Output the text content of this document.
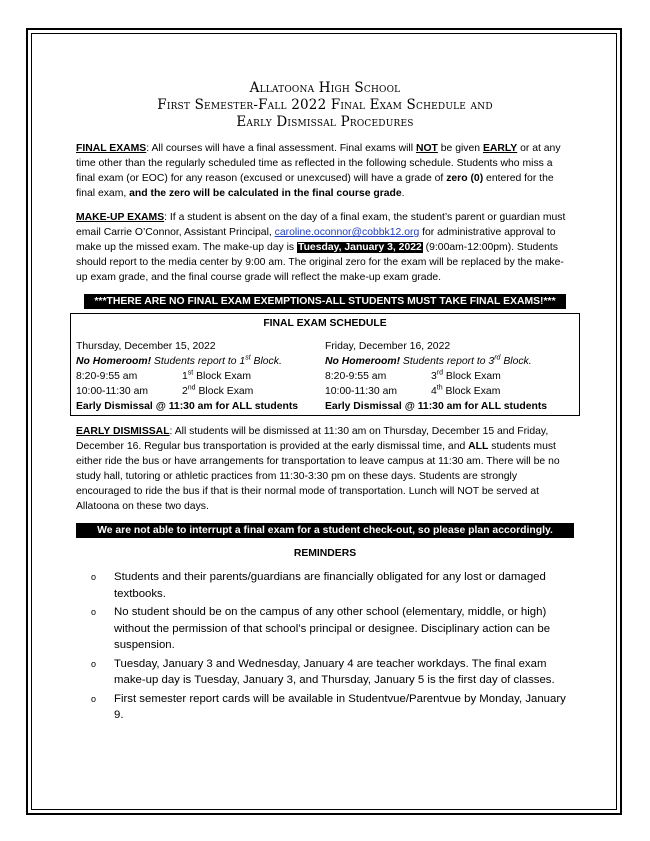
Allatoona High School
First Semester-Fall 2022 Final Exam Schedule and
Early Dismissal Procedures

FINAL EXAMS: All courses will have a final assessment. Final exams will NOT be given EARLY or at any time other than the regularly scheduled time as reflected in the following schedule. Students who miss a final exam (or EOC) for any reason (excused or unexcused) will have a grade of zero (0) entered for the final exam, and the zero will be calculated in the final course grade.

MAKE-UP EXAMS: If a student is absent on the day of a final exam, the student’s parent or guardian must email Carrie O’Connor, Assistant Principal, caroline.oconnor@cobbk12.org for administrative approval to make up the missed exam. The make-up day is Tuesday, January 3, 2022 (9:00am-12:00pm). Students should report to the media center by 9:00 am. The original zero for the exam will be replaced by the make-up exam grade, and the final course grade will reflect the make-up exam grade.

***THERE ARE NO FINAL EXAM EXEMPTIONS-ALL STUDENTS MUST TAKE FINAL EXAMS!***
FINAL EXAM SCHEDULE
Thursday, December 15, 2022
No Homeroom! Students report to 1st Block.
8:20-9:55 am	1st Block Exam
10:00-11:30 am	2nd Block Exam
Early Dismissal @ 11:30 am for ALL students
Friday, December 16, 2022
No Homeroom! Students report to 3rd Block.
8:20-9:55 am	3rd Block Exam
10:00-11:30 am	4th Block Exam
Early Dismissal @ 11:30 am for ALL students

EARLY DISMISSAL: All students will be dismissed at 11:30 am on Thursday, December 15 and Friday, December 16. Regular bus transportation is provided at the early dismissal time, and ALL students must either ride the bus or have arrangements for transportation to leave campus at 11:30 am. There will be no study hall, tutoring or athletic practices from 11:30-3:30 pm on these days. Students are strongly encouraged to ride the bus if that is their normal mode of transportation. Lunch will NOT be served at Allatoona on these two days.

We are not able to interrupt a final exam for a student check-out, so please plan accordingly.
REMINDERS
o Students and their parents/guardians are financially obligated for any lost or damaged textbooks.
o No student should be on the campus of any other school (elementary, middle, or high) without the permission of that school’s principal or designee. Disciplinary action can be suspension.
o Tuesday, January 3 and Wednesday, January 4 are teacher workdays. The final exam make-up day is Tuesday, January 3, and Thursday, January 5 is the first day of classes.
o First semester report cards will be available in Studentvue/Parentvue by Monday, January 9.
